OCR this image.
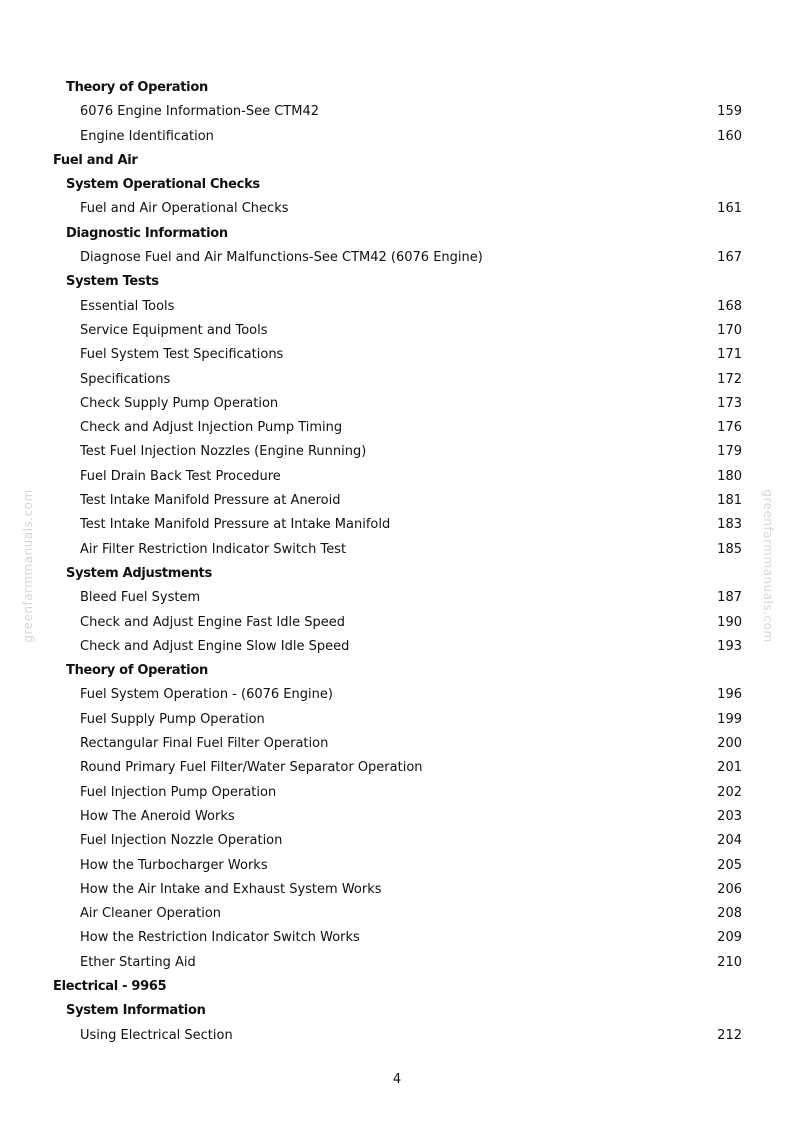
Theory of Operation
6076 Engine Information-See CTM42	159
Engine Identification	160
Fuel and Air
System Operational Checks
Fuel and Air Operational Checks	161
Diagnostic Information
Diagnose Fuel and Air Malfunctions-See CTM42 (6076 Engine)	167
System Tests
Essential Tools	168
Service Equipment and Tools	170
Fuel System Test Specifications	171
Specifications	172
Check Supply Pump Operation	173
Check and Adjust Injection Pump Timing	176
Test Fuel Injection Nozzles (Engine Running)	179
Fuel Drain Back Test Procedure	180
Test Intake Manifold Pressure at Aneroid	181
Test Intake Manifold Pressure at Intake Manifold	183
Air Filter Restriction Indicator Switch Test	185
System Adjustments
Bleed Fuel System	187
Check and Adjust Engine Fast Idle Speed	190
Check and Adjust Engine Slow Idle Speed	193
Theory of Operation
Fuel System Operation - (6076 Engine)	196
Fuel Supply Pump Operation	199
Rectangular Final Fuel Filter Operation	200
Round Primary Fuel Filter/Water Separator Operation	201
Fuel Injection Pump Operation	202
How The Aneroid Works	203
Fuel Injection Nozzle Operation	204
How the Turbocharger Works	205
How the Air Intake and Exhaust System Works	206
Air Cleaner Operation	208
How the Restriction Indicator Switch Works	209
Ether Starting Aid	210
Electrical - 9965
System Information
Using Electrical Section	212
4
greenfarmmanuals.com	greenfarmmanuals.com
